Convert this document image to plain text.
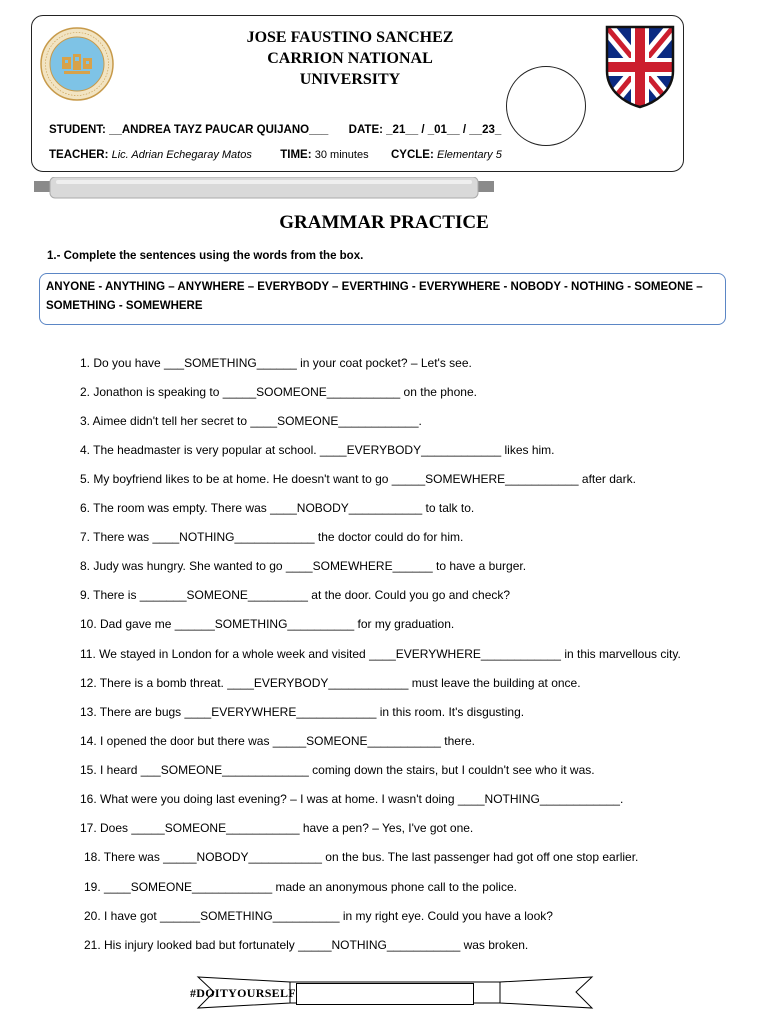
JOSE FAUSTINO SANCHEZ
CARRION NATIONAL
UNIVERSITY
STUDENT: __ANDREA TAYZ PAUCAR QUIJANO___ DATE: _21__ / _01__ / __23_
TEACHER: Lic. Adrian Echegaray Matos TIME: 30 minutes CYCLE: Elementary 5
GRAMMAR PRACTICE
1.- Complete the sentences using the words from the box.
ANYONE - ANYTHING – ANYWHERE – EVERYBODY – EVERTHING - EVERYWHERE - NOBODY - NOTHING - SOMEONE –
SOMETHING - SOMEWHERE
1. Do you have ___SOMETHING______ in your coat pocket? – Let's see.
2. Jonathon is speaking to _____SOOMEONE___________ on the phone.
3. Aimee didn't tell her secret to ____SOMEONE____________.
4. The headmaster is very popular at school. ____EVERYBODY____________ likes him.
5. My boyfriend likes to be at home. He doesn't want to go _____SOMEWHERE___________ after dark.
6. The room was empty. There was ____NOBODY___________ to talk to.
7. There was ____NOTHING____________ the doctor could do for him.
8. Judy was hungry. She wanted to go ____SOMEWHERE______ to have a burger.
9. There is _______SOMEONE_________ at the door. Could you go and check?
10. Dad gave me ______SOMETHING__________ for my graduation.
11. We stayed in London for a whole week and visited ____EVERYWHERE____________ in this marvellous city.
12. There is a bomb threat. ____EVERYBODY____________ must leave the building at once.
13. There are bugs ____EVERYWHERE____________ in this room. It's disgusting.
14. I opened the door but there was _____SOMEONE___________ there.
15. I heard ___SOMEONE_____________ coming down the stairs, but I couldn't see who it was.
16. What were you doing last evening? – I was at home. I wasn't doing ____NOTHING____________.
17. Does _____SOMEONE___________ have a pen? – Yes, I've got one.
18. There was _____NOBODY___________ on the bus. The last passenger had got off one stop earlier.
19. ____SOMEONE____________ made an anonymous phone call to the police.
20. I have got ______SOMETHING__________ in my right eye. Could you have a look?
21. His injury looked bad but fortunately _____NOTHING___________ was broken.
#DOITYOURSELF
